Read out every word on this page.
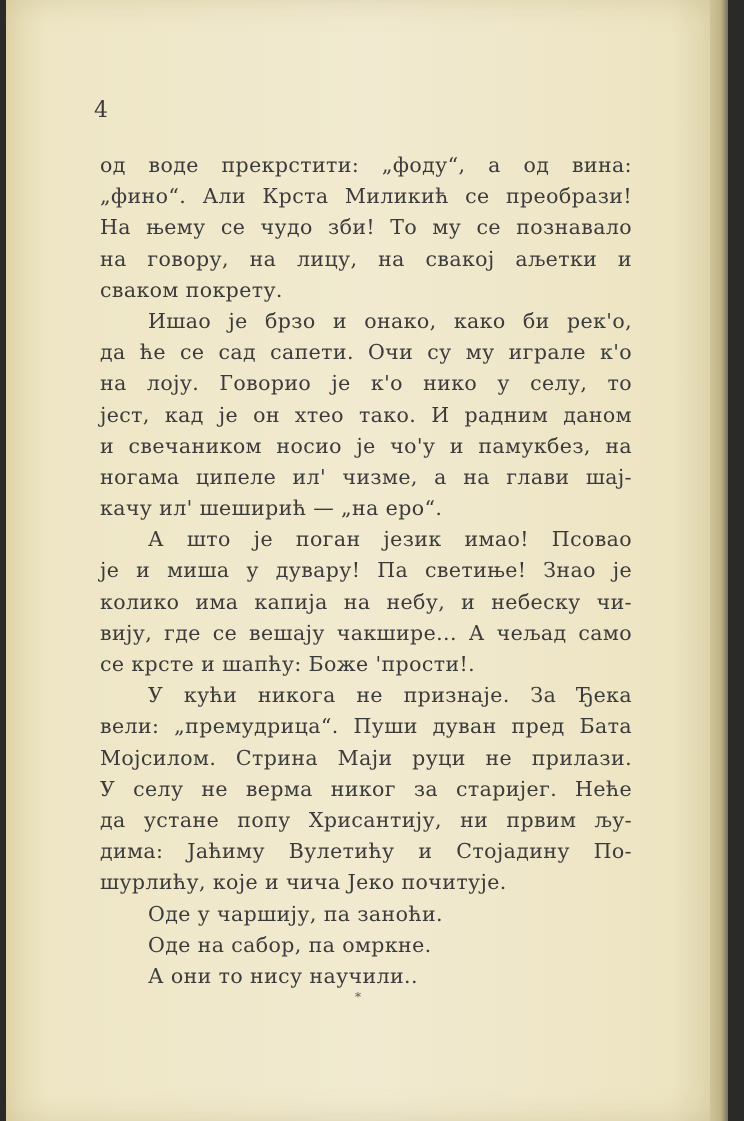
4
од воде прекрстити: „фоду“, а од вина:
„фино“. Али Крста Миликић се преобрази!
На њему се чудо зби! То му се познавало
на говору, на лицу, на свакој аљетки и
сваком покрету.
Ишао је брзо и онако, како би рек'о,
да ће се сад сапети. Очи су му играле к'о
на лоју. Говорио је к'о нико у селу, то
јест, кад је он хтео тако. И радним даном
и свечаником носио је чо'у и памукбез, на
ногама ципеле ил' чизме, а на глави шај-
качу ил' шеширић — „на еро“.
А што је поган језик имао! Псовао
је и миша у дувару! Па светиње! Знао је
колико има капија на небу, и небеску чи-
вију, где се вешају чакшире... А чељад само
се крсте и шапћу: Боже 'прости!.
У кући никога не признаје. За Ђека
вели: „премудрица“. Пуши дуван пред Бата
Мојсилом. Стрина Маји руци не прилази.
У селу не верма никог за старијег. Неће
да устане попу Хрисантију, ни првим љу-
дима: Јаћиму Вулетићу и Стојадину По-
шурлићу, које и чича Јеко почитује.
Оде у чаршију, па заноћи.
Оде на сабор, па омркне.
А они то нису научили..
*
